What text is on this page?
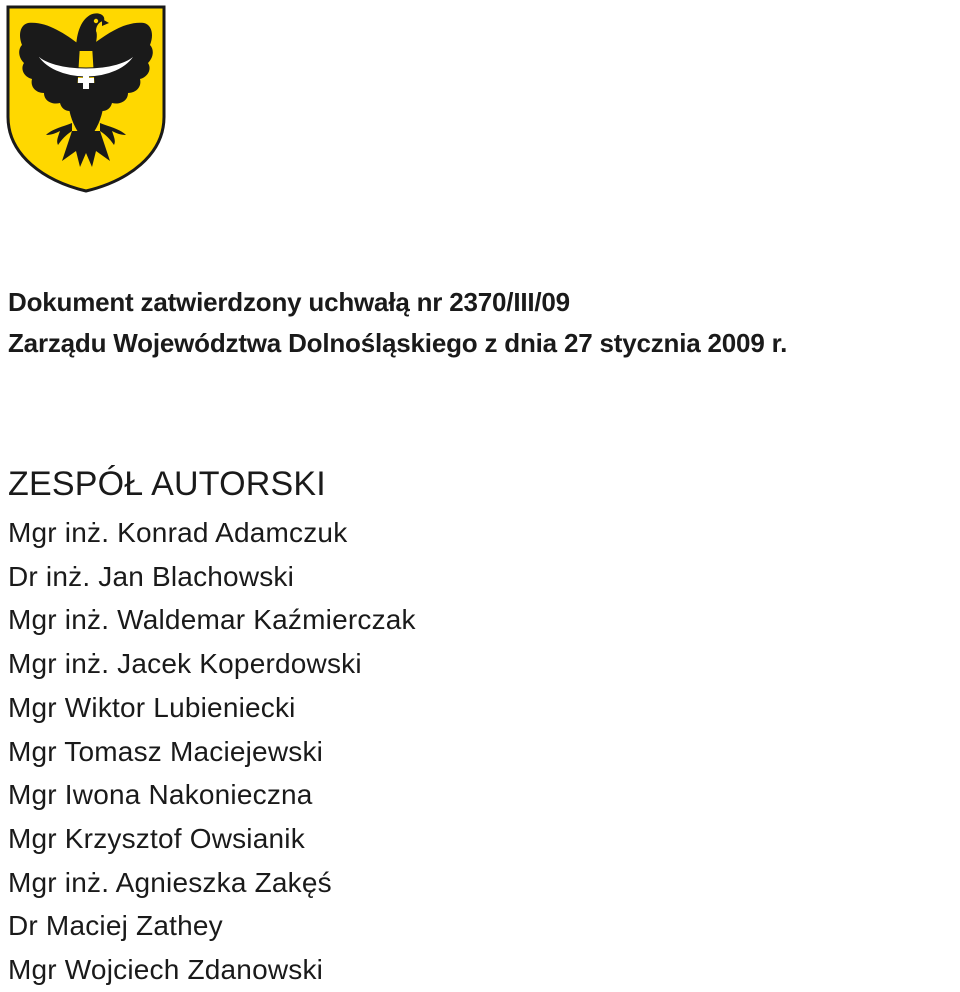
Dokument zatwierdzony uchwałą nr 2370/III/09
Zarządu Województwa Dolnośląskiego z dnia 27 stycznia 2009 r.

ZESPÓŁ AUTORSKI
Mgr inż. Konrad Adamczuk
Dr inż. Jan Blachowski
Mgr inż. Waldemar Kaźmierczak
Mgr inż. Jacek Koperdowski
Mgr Wiktor Lubieniecki
Mgr Tomasz Maciejewski
Mgr Iwona Nakonieczna
Mgr Krzysztof Owsianik
Mgr inż. Agnieszka Zakęś
Dr Maciej Zathey
Mgr Wojciech Zdanowski
